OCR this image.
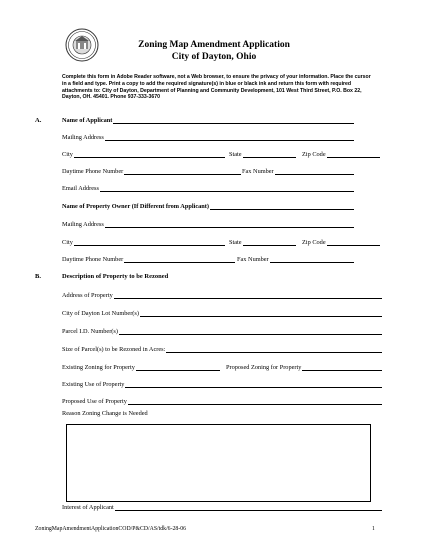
Zoning Map Amendment Application
City of Dayton, Ohio
Complete this form in Adobe Reader software, not a Web browser, to ensure the privacy of your information. Place the cursor in a field and type. Print a copy to add the required signature(s) in blue or black ink and return this form with required attachments to: City of Dayton, Department of Planning and Community Development, 101 West Third Street, P.O. Box 22, Dayton, OH. 45401. Phone 937-333-3670
A.	Name of Applicant
Mailing Address
City	State	Zip Code
Daytime Phone Number	Fax Number
Email Address
Name of Property Owner (If Different from Applicant)
Mailing Address
City	State	Zip Code
Daytime Phone Number	Fax Number
B.	Description of Property to be Rezoned
Address of Property
City of Dayton Lot Number(s)
Parcel I.D. Number(s)
Size of Parcel(s) to be Rezoned in Acres:
Existing Zoning for Property	Proposed Zoning for Property
Existing Use of Property
Proposed Use of Property
Reason Zoning Change is Needed
Interest of Applicant
ZoningMapAmendmentApplicationCOD/P&CD/AS/tdk/6-28-06	1
